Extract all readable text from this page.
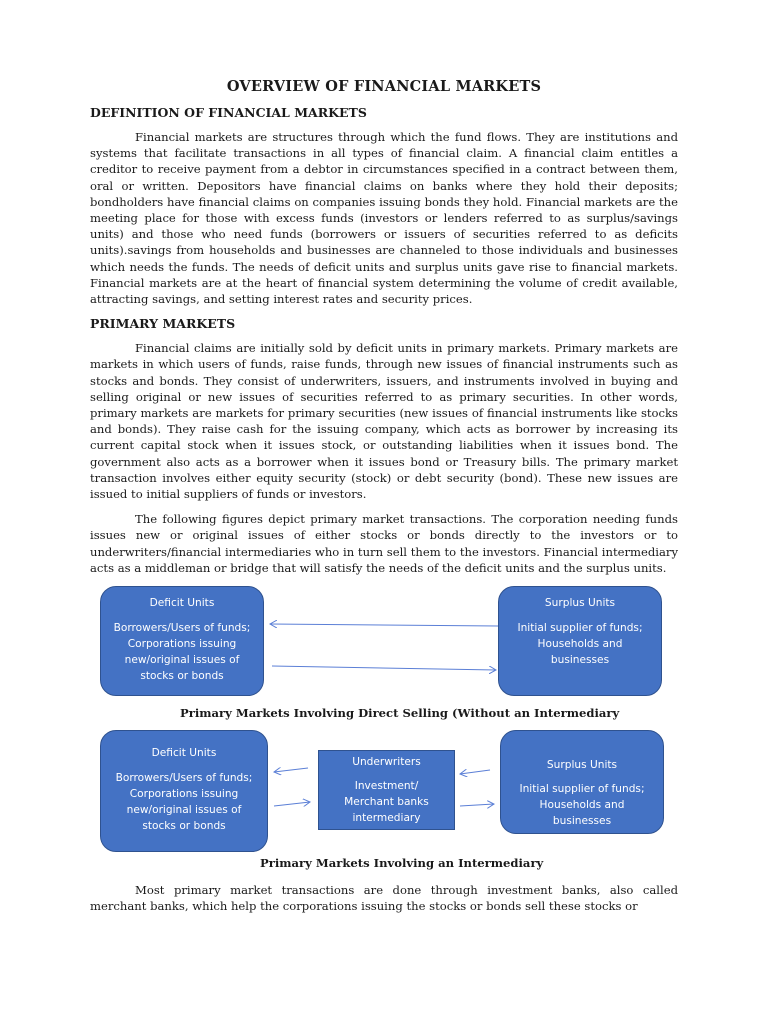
OVERVIEW OF FINANCIAL MARKETS
DEFINITION OF FINANCIAL MARKETS

Financial markets are structures through which the fund flows. They are institutions and systems that facilitate transactions in all types of financial claim. A financial claim entitles a creditor to receive payment from a debtor in circumstances specified in a contract between them, oral or written. Depositors have financial claims on banks where they hold their deposits; bondholders have financial claims on companies issuing bonds they hold. Financial markets are the meeting place for those with excess funds (investors or lenders referred to as surplus/savings units) and those who need funds (borrowers or issuers of securities referred to as deficits units).savings from households and businesses are channeled to those individuals and businesses which needs the funds. The needs of deficit units and surplus units gave rise to financial markets. Financial markets are at the heart of financial system determining the volume of credit available, attracting savings, and setting interest rates and security prices.

PRIMARY MARKETS

Financial claims are initially sold by deficit units in primary markets. Primary markets are markets in which users of funds, raise funds, through new issues of financial instruments such as stocks and bonds. They consist of underwriters, issuers, and instruments involved in buying and selling original or new issues of securities referred to as primary securities. In other words, primary markets are markets for primary securities (new issues of financial instruments like stocks and bonds). They raise cash for the issuing company, which acts as borrower by increasing its current capital stock when it issues stock, or outstanding liabilities when it issues bond. The government also acts as a borrower when it issues bond or Treasury bills. The primary market transaction involves either equity security (stock) or debt security (bond). These new issues are issued to initial suppliers of funds or investors.

The following figures depict primary market transactions. The corporation needing funds issues new or original issues of either stocks or bonds directly to the investors or to underwriters/financial intermediaries who in turn sell them to the investors. Financial intermediary acts as a middleman or bridge that will satisfy the needs of the deficit units and the surplus units.

Deficit Units
Borrowers/Users of funds; Corporations issuing new/original issues of stocks or bonds
Surplus Units
Initial supplier of funds; Households and businesses
Primary Markets Involving Direct Selling (Without an Intermediary
Deficit Units
Borrowers/Users of funds; Corporations issuing new/original issues of stocks or bonds
Underwriters
Investment/ Merchant banks intermediary
Surplus Units
Initial supplier of funds; Households and businesses
Primary Markets Involving an Intermediary

Most primary market transactions are done through investment banks, also called merchant banks, which help the corporations issuing the stocks or bonds sell these stocks or
